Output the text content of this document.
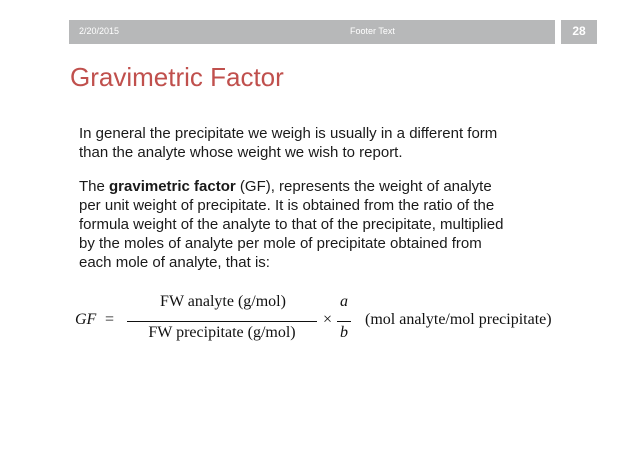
2/20/2015	Footer Text	28
Gravimetric Factor
In general the precipitate we weigh is usually in a different form
than the analyte whose weight we wish to report.
The gravimetric factor (GF), represents the weight of analyte
per unit weight of precipitate. It is obtained from the ratio of the
formula weight of the analyte to that of the precipitate, multiplied
by the moles of analyte per mole of precipitate obtained from
each mole of analyte, that is:
GF =
FW analyte (g/mol)
FW precipitate (g/mol)
×
a
b
(mol analyte/mol precipitate)
